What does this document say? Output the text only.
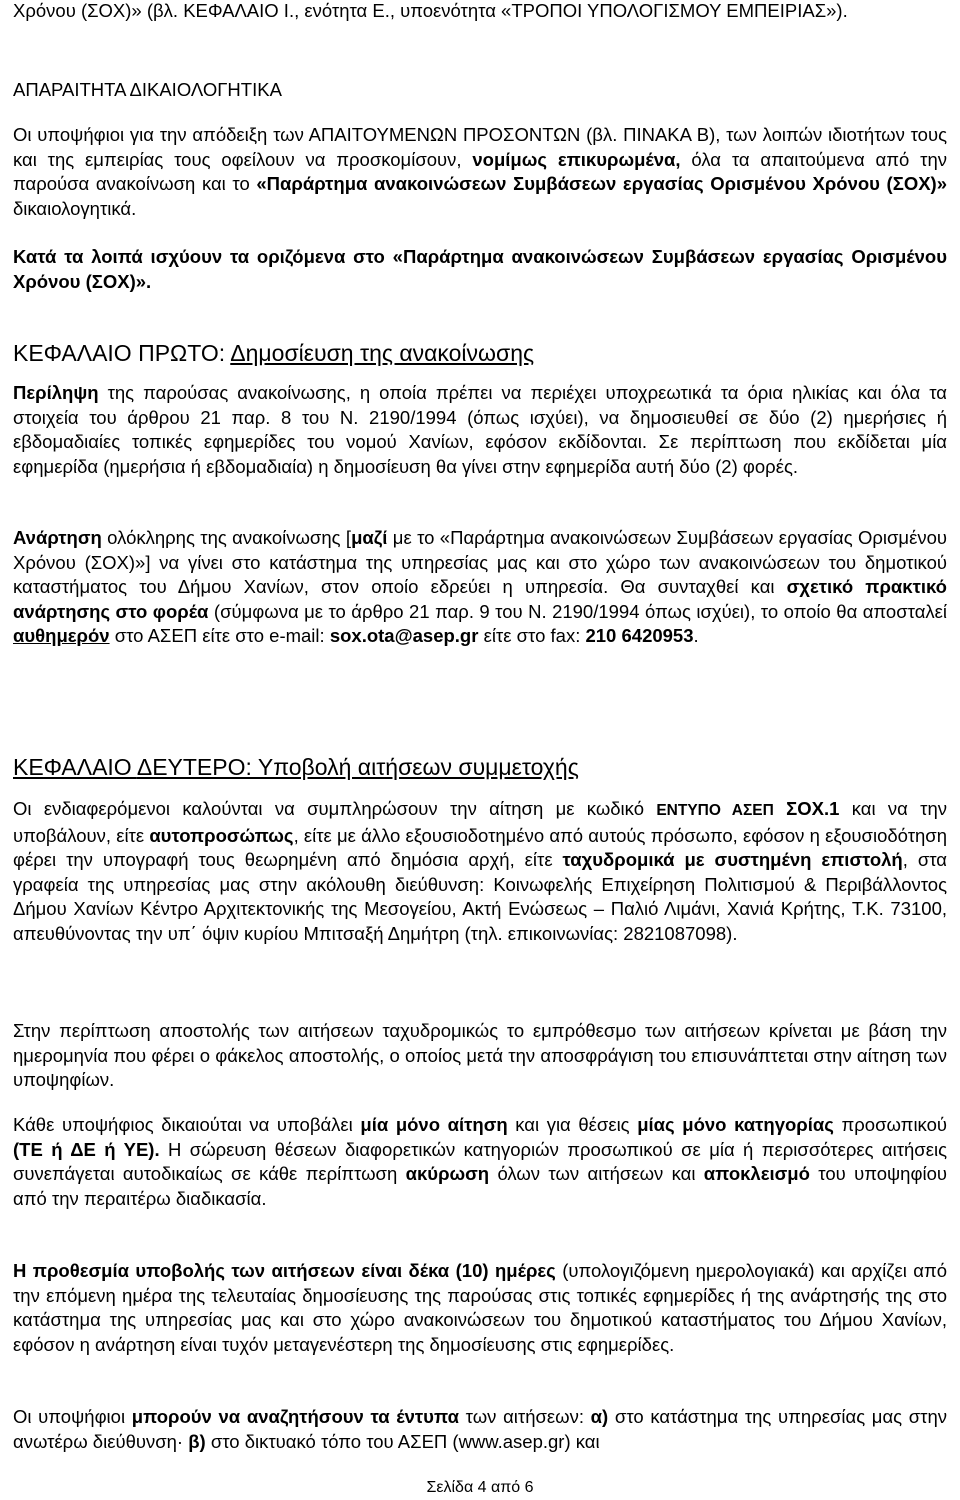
Χρόνου (ΣΟΧ)» (βλ. ΚΕΦΑΛΑΙΟ Ι., ενότητα Ε., υποενότητα «ΤΡΟΠΟΙ ΥΠΟΛΟΓΙΣΜΟΥ ΕΜΠΕΙΡΙΑΣ»).

ΑΠΑΡΑΙΤΗΤΑ ΔΙΚΑΙΟΛΟΓΗΤΙΚΑ

Οι υποψήφιοι για την απόδειξη των ΑΠΑΙΤΟΥΜΕΝΩΝ ΠΡΟΣΟΝΤΩΝ (βλ. ΠΙΝΑΚΑ Β), των λοιπών ιδιοτήτων τους και της εμπειρίας τους οφείλουν να προσκομίσουν, νομίμως επικυρωμένα, όλα τα απαιτούμενα από την παρούσα ανακοίνωση και το «Παράρτημα ανακοινώσεων Συμβάσεων εργασίας Ορισμένου Χρόνου (ΣΟΧ)» δικαιολογητικά.

Κατά τα λοιπά ισχύουν τα οριζόμενα στο «Παράρτημα ανακοινώσεων Συμβάσεων εργασίας Ορισμένου Χρόνου (ΣΟΧ)».

ΚΕΦΑΛΑΙΟ ΠΡΩΤΟ: Δημοσίευση της ανακοίνωσης

Περίληψη της παρούσας ανακοίνωσης, η οποία πρέπει να περιέχει υποχρεωτικά τα όρια ηλικίας και όλα τα στοιχεία του άρθρου 21 παρ. 8 του Ν. 2190/1994 (όπως ισχύει), να δημοσιευθεί σε δύο (2) ημερήσιες ή εβδομαδιαίες τοπικές εφημερίδες του νομού Χανίων, εφόσον εκδίδονται. Σε περίπτωση που εκδίδεται μία εφημερίδα (ημερήσια ή εβδομαδιαία) η δημοσίευση θα γίνει στην εφημερίδα αυτή δύο (2) φορές.

Ανάρτηση ολόκληρης της ανακοίνωσης [μαζί με το «Παράρτημα ανακοινώσεων Συμβάσεων εργασίας Ορισμένου Χρόνου (ΣΟΧ)»] να γίνει στο κατάστημα της υπηρεσίας μας και στο χώρο των ανακοινώσεων του δημοτικού καταστήματος του Δήμου Χανίων, στον οποίο εδρεύει η υπηρεσία. Θα συνταχθεί και σχετικό πρακτικό ανάρτησης στο φορέα (σύμφωνα με το άρθρο 21 παρ. 9 του Ν. 2190/1994 όπως ισχύει), το οποίο θα αποσταλεί αυθημερόν στο ΑΣΕΠ είτε στο e-mail: sox.ota@asep.gr είτε στο fax: 210 6420953.

ΚΕΦΑΛΑΙΟ ΔΕΥΤΕΡΟ: Υποβολή αιτήσεων συμμετοχής

Οι ενδιαφερόμενοι καλούνται να συμπληρώσουν την αίτηση με κωδικό ΕΝΤΥΠΟ ΑΣΕΠ ΣΟΧ.1 και να την υποβάλουν, είτε αυτοπροσώπως, είτε με άλλο εξουσιοδοτημένο από αυτούς πρόσωπο, εφόσον η εξουσιοδότηση φέρει την υπογραφή τους θεωρημένη από δημόσια αρχή, είτε ταχυδρομικά με συστημένη επιστολή, στα γραφεία της υπηρεσίας μας στην ακόλουθη διεύθυνση: Κοινωφελής Επιχείρηση Πολιτισμού & Περιβάλλοντος Δήμου Χανίων Κέντρο Αρχιτεκτονικής της Μεσογείου, Ακτή Ενώσεως – Παλιό Λιμάνι, Χανιά Κρήτης, Τ.Κ. 73100, απευθύνοντας την υπ΄ όψιν κυρίου Μπιτσαξή Δημήτρη (τηλ. επικοινωνίας: 2821087098).

Στην περίπτωση αποστολής των αιτήσεων ταχυδρομικώς το εμπρόθεσμο των αιτήσεων κρίνεται με βάση την ημερομηνία που φέρει ο φάκελος αποστολής, ο οποίος μετά την αποσφράγιση του επισυνάπτεται στην αίτηση των υποψηφίων.

Κάθε υποψήφιος δικαιούται να υποβάλει μία μόνο αίτηση και για θέσεις μίας μόνο κατηγορίας προσωπικού (ΤΕ ή ΔΕ ή ΥΕ). Η σώρευση θέσεων διαφορετικών κατηγοριών προσωπικού σε μία ή περισσότερες αιτήσεις συνεπάγεται αυτοδικαίως σε κάθε περίπτωση ακύρωση όλων των αιτήσεων και αποκλεισμό του υποψηφίου από την περαιτέρω διαδικασία.

Η προθεσμία υποβολής των αιτήσεων είναι δέκα (10) ημέρες (υπολογιζόμενη ημερολογιακά) και αρχίζει από την επόμενη ημέρα της τελευταίας δημοσίευσης της παρούσας στις τοπικές εφημερίδες ή της ανάρτησής της στο κατάστημα της υπηρεσίας μας και στο χώρο ανακοινώσεων του δημοτικού καταστήματος του Δήμου Χανίων, εφόσον η ανάρτηση είναι τυχόν μεταγενέστερη της δημοσίευσης στις εφημερίδες.

Οι υποψήφιοι μπορούν να αναζητήσουν τα έντυπα των αιτήσεων: α) στο κατάστημα της υπηρεσίας μας στην ανωτέρω διεύθυνση· β) στο δικτυακό τόπο του ΑΣΕΠ (www.asep.gr) και

Σελίδα 4 από 6
